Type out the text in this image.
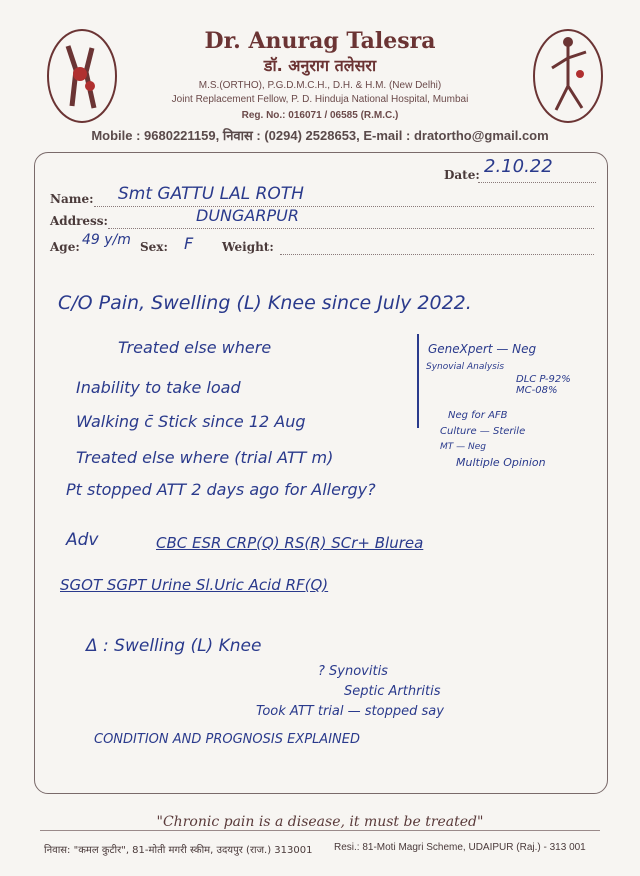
Dr. Anurag Talesra
डॉ. अनुराग तलेसरा
M.S.(ORTHO), P.G.D.M.C.H., D.H. & H.M. (New Delhi)
Joint Replacement Fellow, P. D. Hinduja National Hospital, Mumbai
Reg. No.: 016071 / 06585 (R.M.C.)
Mobile : 9680221159, निवास : (0294) 2528653, E-mail : dratortho@gmail.com
Date: 2.10.22
Name: Smt GATTU LAL ROTH
Address:	DUNGARPUR
Age: 49 y/m Sex: F Weight:
C/O Pain, Swelling (L) Knee since July 2022.
Treated else where
Inability to take load
Walking c̄ Stick since 12 Aug
Treated else where (trial ATT m)
Pt stopped ATT 2 days ago for Allergy?
GeneXpert — Neg
Synovial Analysis
DLC P-92% MC-08%
Neg for AFB
Culture — Sterile
MT — Neg
Multiple Opinion
Adv	CBC ESR CRP(Q) RS(R) SCr+ Blurea
SGOT SGPT Urine Sl.Uric Acid RF(Q)
Δ : Swelling (L) Knee
? Synovitis
Septic Arthritis
Took ATT trial — stopped say
CONDITION AND PROGNOSIS EXPLAINED
"Chronic pain is a disease, it must be treated"
निवास: "कमल कुटीर", 81-मोती मगरी स्कीम, उदयपुर (राज.) 313001 Resi.: 81-Moti Magri Scheme, UDAIPUR (Raj.) - 313 001
